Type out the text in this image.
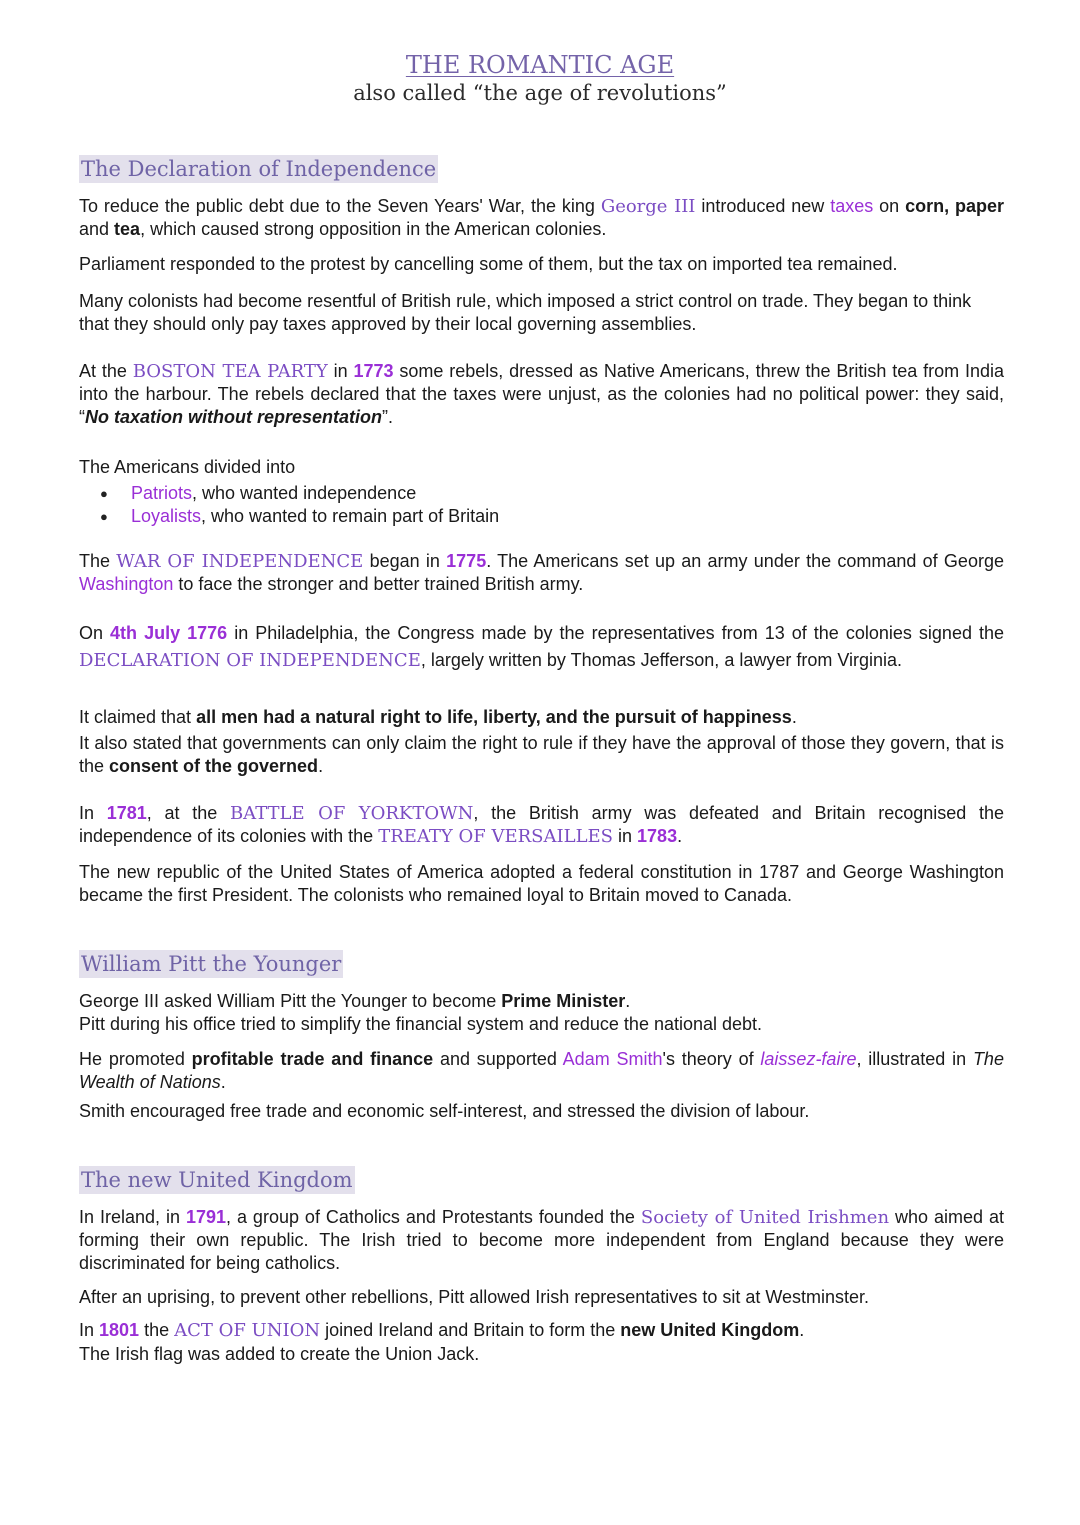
THE ROMANTIC AGE
also called “the age of revolutions”
The Declaration of Independence

To reduce the public debt due to the Seven Years' War, the king George III introduced new taxes on corn, paper and tea, which caused strong opposition in the American colonies.

Parliament responded to the protest by cancelling some of them, but the tax on imported tea remained.

Many colonists had become resentful of British rule, which imposed a strict control on trade. They began to think that they should only pay taxes approved by their local governing assemblies.

At the BOSTON TEA PARTY in 1773 some rebels, dressed as Native Americans, threw the British tea from India into the harbour. The rebels declared that the taxes were unjust, as the colonies had no political power: they said, “No taxation without representation”.

The Americans divided into

● Patriots, who wanted independence
● Loyalists, who wanted to remain part of Britain

The WAR OF INDEPENDENCE began in 1775. The Americans set up an army under the command of George Washington to face the stronger and better trained British army.

On 4th July 1776 in Philadelphia, the Congress made by the representatives from 13 of the colonies signed the DECLARATION OF INDEPENDENCE, largely written by Thomas Jefferson, a lawyer from Virginia.

It claimed that all men had a natural right to life, liberty, and the pursuit of happiness.

It also stated that governments can only claim the right to rule if they have the approval of those they govern, that is the consent of the governed.

In 1781, at the BATTLE OF YORKTOWN, the British army was defeated and Britain recognised the independence of its colonies with the TREATY OF VERSAILLES in 1783.

The new republic of the United States of America adopted a federal constitution in 1787 and George Washington became the first President. The colonists who remained loyal to Britain moved to Canada.

William Pitt the Younger

George III asked William Pitt the Younger to become Prime Minister.

Pitt during his office tried to simplify the financial system and reduce the national debt.

He promoted profitable trade and finance and supported Adam Smith's theory of laissez-faire, illustrated in The Wealth of Nations.

Smith encouraged free trade and economic self-interest, and stressed the division of labour.

The new United Kingdom

In Ireland, in 1791, a group of Catholics and Protestants founded the Society of United Irishmen who aimed at forming their own republic. The Irish tried to become more independent from England because they were discriminated for being catholics.

After an uprising, to prevent other rebellions, Pitt allowed Irish representatives to sit at Westminster.

In 1801 the ACT OF UNION joined Ireland and Britain to form the new United Kingdom.

The Irish flag was added to create the Union Jack.
